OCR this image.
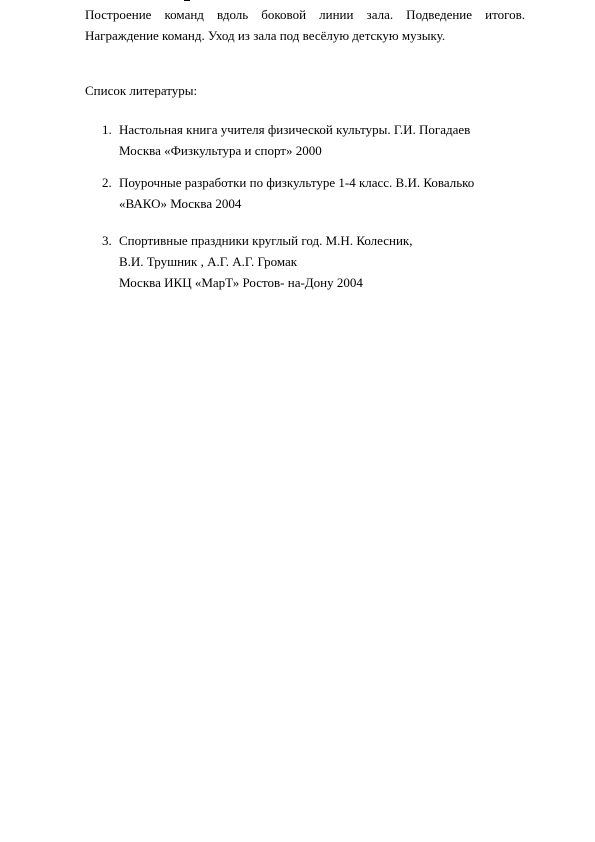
Построение команд вдоль боковой линии зала. Подведение итогов.
Награждение команд. Уход из зала под весёлую детскую музыку.

Список литературы:
1. Настольная книга учителя физической культуры. Г.И. Погадаев
Москва «Физкультура и спорт» 2000
2. Поурочные разработки по физкультуре 1-4 класс. В.И. Ковалько
«ВАКО» Москва 2004
3. Спортивные праздники круглый год. М.Н. Колесник,
В.И. Трушник , А.Г. А.Г. Громак
Москва ИКЦ «МарТ» Ростов- на-Дону 2004
